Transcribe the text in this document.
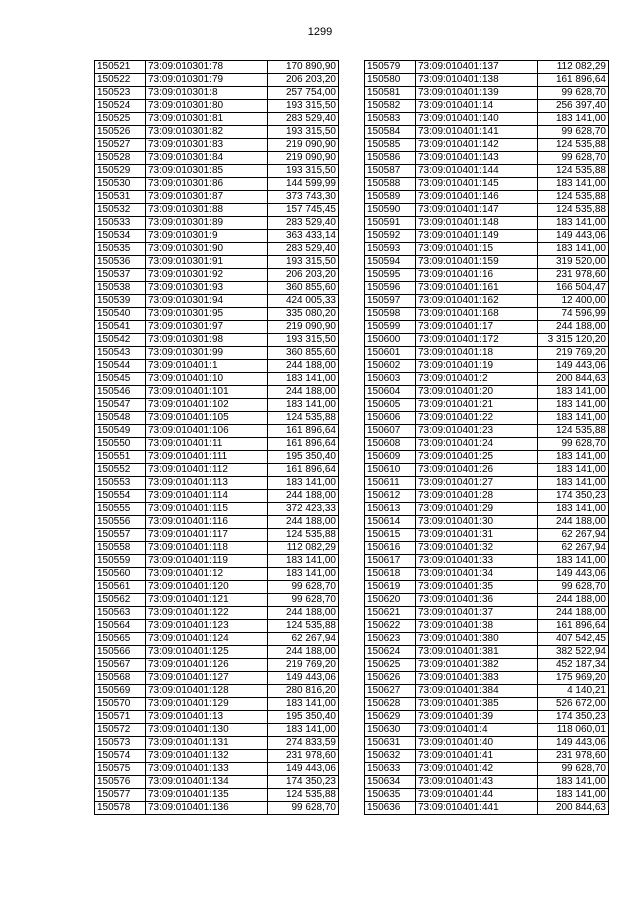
1299
150521	73:09:010301:78	170 890,90
150522	73:09:010301:79	206 203,20
150523	73:09:010301:8	257 754,00
150524	73:09:010301:80	193 315,50
150525	73:09:010301:81	283 529,40
150526	73:09:010301:82	193 315,50
150527	73:09:010301:83	219 090,90
150528	73:09:010301:84	219 090,90
150529	73:09:010301:85	193 315,50
150530	73:09:010301:86	144 599,99
150531	73:09:010301:87	373 743,30
150532	73:09:010301:88	157 745,45
150533	73:09:010301:89	283 529,40
150534	73:09:010301:9	363 433,14
150535	73:09:010301:90	283 529,40
150536	73:09:010301:91	193 315,50
150537	73:09:010301:92	206 203,20
150538	73:09:010301:93	360 855,60
150539	73:09:010301:94	424 005,33
150540	73:09:010301:95	335 080,20
150541	73:09:010301:97	219 090,90
150542	73:09:010301:98	193 315,50
150543	73:09:010301:99	360 855,60
150544	73:09:010401:1	244 188,00
150545	73:09:010401:10	183 141,00
150546	73:09:010401:101	244 188,00
150547	73:09:010401:102	183 141,00
150548	73:09:010401:105	124 535,88
150549	73:09:010401:106	161 896,64
150550	73:09:010401:11	161 896,64
150551	73:09:010401:111	195 350,40
150552	73:09:010401:112	161 896,64
150553	73:09:010401:113	183 141,00
150554	73:09:010401:114	244 188,00
150555	73:09:010401:115	372 423,33
150556	73:09:010401:116	244 188,00
150557	73:09:010401:117	124 535,88
150558	73:09:010401:118	112 082,29
150559	73:09:010401:119	183 141,00
150560	73:09:010401:12	183 141,00
150561	73:09:010401:120	99 628,70
150562	73:09:010401:121	99 628,70
150563	73:09:010401:122	244 188,00
150564	73:09:010401:123	124 535,88
150565	73:09:010401:124	62 267,94
150566	73:09:010401:125	244 188,00
150567	73:09:010401:126	219 769,20
150568	73:09:010401:127	149 443,06
150569	73:09:010401:128	280 816,20
150570	73:09:010401:129	183 141,00
150571	73:09:010401:13	195 350,40
150572	73:09:010401:130	183 141,00
150573	73:09:010401:131	274 833,59
150574	73:09:010401:132	231 978,60
150575	73:09:010401:133	149 443,06
150576	73:09:010401:134	174 350,23
150577	73:09:010401:135	124 535,88
150578	73:09:010401:136	99 628,70
150579	73:09:010401:137	112 082,29
150580	73:09:010401:138	161 896,64
150581	73:09:010401:139	99 628,70
150582	73:09:010401:14	256 397,40
150583	73:09:010401:140	183 141,00
150584	73:09:010401:141	99 628,70
150585	73:09:010401:142	124 535,88
150586	73:09:010401:143	99 628,70
150587	73:09:010401:144	124 535,88
150588	73:09:010401:145	183 141,00
150589	73:09:010401:146	124 535,88
150590	73:09:010401:147	124 535,88
150591	73:09:010401:148	183 141,00
150592	73:09:010401:149	149 443,06
150593	73:09:010401:15	183 141,00
150594	73:09:010401:159	319 520,00
150595	73:09:010401:16	231 978,60
150596	73:09:010401:161	166 504,47
150597	73:09:010401:162	12 400,00
150598	73:09:010401:168	74 596,99
150599	73:09:010401:17	244 188,00
150600	73:09:010401:172	3 315 120,20
150601	73:09:010401:18	219 769,20
150602	73:09:010401:19	149 443,06
150603	73:09:010401:2	200 844,63
150604	73:09:010401:20	183 141,00
150605	73:09:010401:21	183 141,00
150606	73:09:010401:22	183 141,00
150607	73:09:010401:23	124 535,88
150608	73:09:010401:24	99 628,70
150609	73:09:010401:25	183 141,00
150610	73:09:010401:26	183 141,00
150611	73:09:010401:27	183 141,00
150612	73:09:010401:28	174 350,23
150613	73:09:010401:29	183 141,00
150614	73:09:010401:30	244 188,00
150615	73:09:010401:31	62 267,94
150616	73:09:010401:32	62 267,94
150617	73:09:010401:33	183 141,00
150618	73:09:010401:34	149 443,06
150619	73:09:010401:35	99 628,70
150620	73:09:010401:36	244 188,00
150621	73:09:010401:37	244 188,00
150622	73:09:010401:38	161 896,64
150623	73:09:010401:380	407 542,45
150624	73:09:010401:381	382 522,94
150625	73:09:010401:382	452 187,34
150626	73:09:010401:383	175 969,20
150627	73:09:010401:384	4 140,21
150628	73:09:010401:385	526 672,00
150629	73:09:010401:39	174 350,23
150630	73:09:010401:4	118 060,01
150631	73:09:010401:40	149 443,06
150632	73:09:010401:41	231 978,60
150633	73:09:010401:42	99 628,70
150634	73:09:010401:43	183 141,00
150635	73:09:010401:44	183 141,00
150636	73:09:010401:441	200 844,63
